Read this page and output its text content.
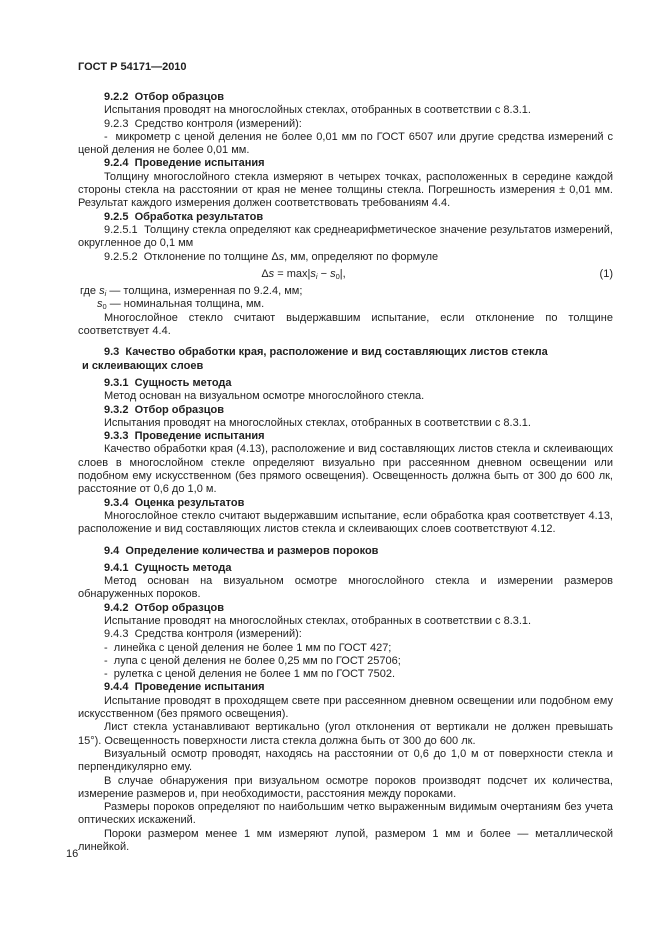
ГОСТ Р 54171—2010

9.2.2  Отбор образцов

Испытания проводят на многослойных стеклах, отобранных в соответствии с 8.3.1.

9.2.3  Средство контроля (измерений):

-  микрометр с ценой деления не более 0,01 мм по ГОСТ 6507 или другие средства измерений с ценой деления не более 0,01 мм.

9.2.4  Проведение испытания

Толщину многослойного стекла измеряют в четырех точках, расположенных в середине каждой стороны стекла на расстоянии от края не менее толщины стекла. Погрешность измерения ± 0,01 мм. Результат каждого измерения должен соответствовать требованиям 4.4.

9.2.5  Обработка результатов

9.2.5.1  Толщину стекла определяют как среднеарифметическое значение результатов измерений, округленное до 0,1 мм

9.2.5.2  Отклонение по толщине Δs, мм, определяют по формуле

$\Delta s = \max|s_i - s_0|$,	(1)

где $s_i$ — толщина, измеренная по 9.2.4, мм;

$s_0$ — номинальная толщина, мм.

Многослойное стекло считают выдержавшим испытание, если отклонение по толщине соответствует 4.4.

9.3  Качество обработки края, расположение и вид составляющих листов стекла
и склеивающих слоев

9.3.1  Сущность метода

Метод основан на визуальном осмотре многослойного стекла.

9.3.2  Отбор образцов

Испытания проводят на многослойных стеклах, отобранных в соответствии с 8.3.1.

9.3.3  Проведение испытания

Качество обработки края (4.13), расположение и вид составляющих листов стекла и склеивающих слоев в многослойном стекле определяют визуально при рассеянном дневном освещении или подобном ему искусственном (без прямого освещения). Освещенность должна быть от 300 до 600 лк, расстояние от 0,6 до 1,0 м.

9.3.4  Оценка результатов

Многослойное стекло считают выдержавшим испытание, если обработка края соответствует 4.13, расположение и вид составляющих листов стекла и склеивающих слоев соответствуют 4.12.

9.4  Определение количества и размеров пороков

9.4.1  Сущность метода

Метод основан на визуальном осмотре многослойного стекла и измерении размеров обнаруженных пороков.

9.4.2  Отбор образцов

Испытание проводят на многослойных стеклах, отобранных в соответствии с 8.3.1.

9.4.3  Средства контроля (измерений):

-  линейка с ценой деления не более 1 мм по ГОСТ 427;

-  лупа с ценой деления не более 0,25 мм по ГОСТ 25706;

-  рулетка с ценой деления не более 1 мм по ГОСТ 7502.

9.4.4  Проведение испытания

Испытание проводят в проходящем свете при рассеянном дневном освещении или подобном ему искусственном (без прямого освещения).

Лист стекла устанавливают вертикально (угол отклонения от вертикали не должен превышать 15°). Освещенность поверхности листа стекла должна быть от 300 до 600 лк.

Визуальный осмотр проводят, находясь на расстоянии от 0,6 до 1,0 м от поверхности стекла и перпендикулярно ему.

В случае обнаружения при визуальном осмотре пороков производят подсчет их количества, измерение размеров и, при необходимости, расстояния между пороками.

Размеры пороков определяют по наибольшим четко выраженным видимым очертаниям без учета оптических искажений.

Пороки размером менее 1 мм измеряют лупой, размером 1 мм и более — металлической линейкой.

16
